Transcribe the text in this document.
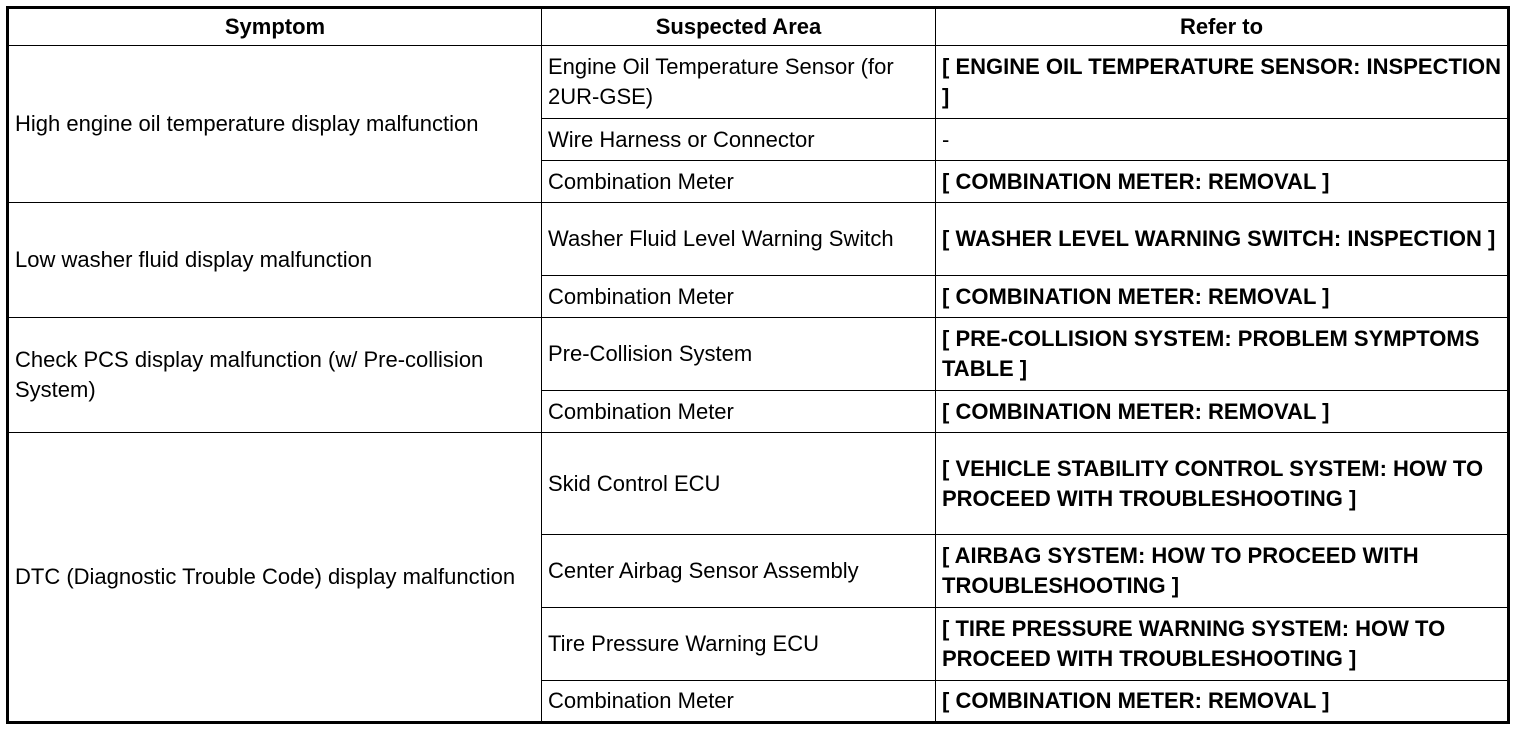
Symptom	Suspected Area	Refer to
High engine oil temperature display malfunction	Engine Oil Temperature Sensor (for 2UR-GSE)	[ ENGINE OIL TEMPERATURE SENSOR: INSPECTION ]
	Wire Harness or Connector	-
	Combination Meter	[ COMBINATION METER: REMOVAL ]
Low washer fluid display malfunction	Washer Fluid Level Warning Switch	[ WASHER LEVEL WARNING SWITCH: INSPECTION ]
	Combination Meter	[ COMBINATION METER: REMOVAL ]
Check PCS display malfunction (w/ Pre-collision System)	Pre-Collision System	[ PRE-COLLISION SYSTEM: PROBLEM SYMPTOMS TABLE ]
	Combination Meter	[ COMBINATION METER: REMOVAL ]
DTC (Diagnostic Trouble Code) display malfunction	Skid Control ECU	[ VEHICLE STABILITY CONTROL SYSTEM: HOW TO PROCEED WITH TROUBLESHOOTING ]
	Center Airbag Sensor Assembly	[ AIRBAG SYSTEM: HOW TO PROCEED WITH TROUBLESHOOTING ]
	Tire Pressure Warning ECU	[ TIRE PRESSURE WARNING SYSTEM: HOW TO PROCEED WITH TROUBLESHOOTING ]
	Combination Meter	[ COMBINATION METER: REMOVAL ]
